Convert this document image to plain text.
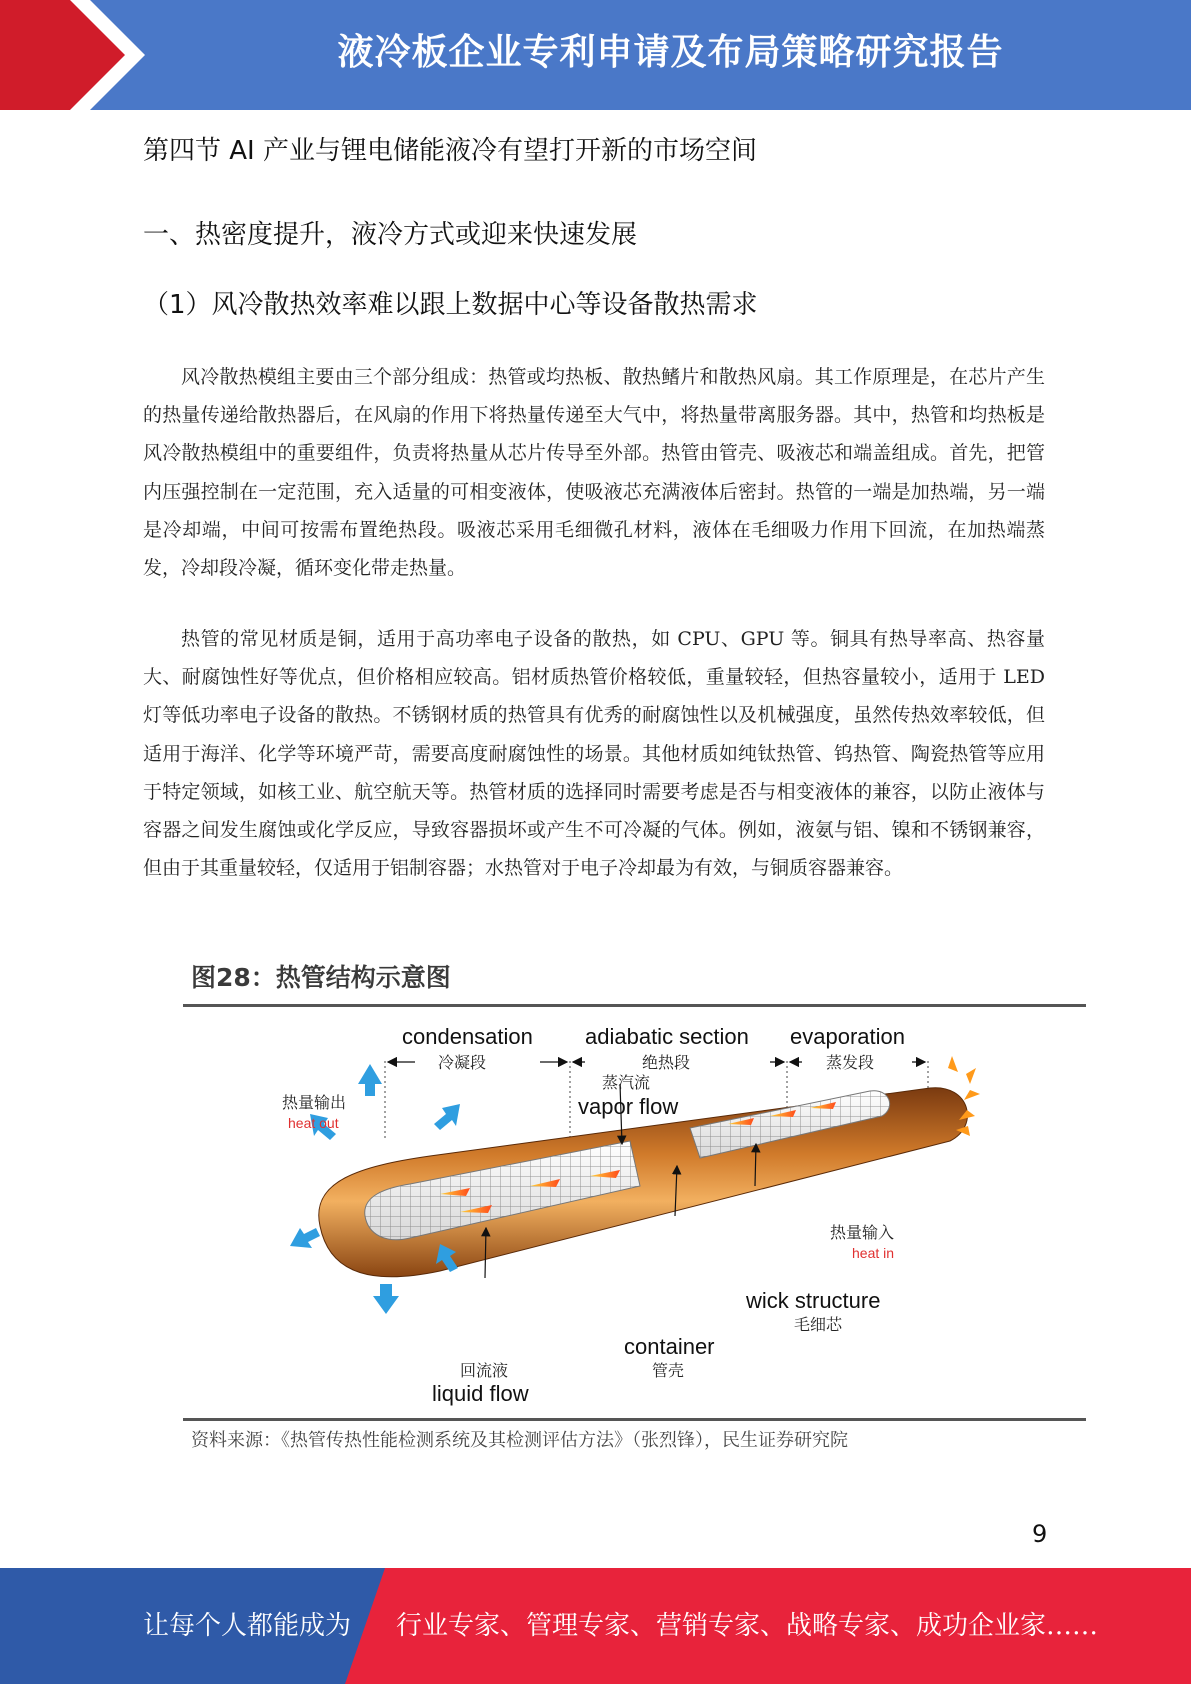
液冷板企业专利申请及布局策略研究报告
第四节 AI 产业与锂电储能液冷有望打开新的市场空间
一、热密度提升，液冷方式或迎来快速发展
（1）风冷散热效率难以跟上数据中心等设备散热需求

风冷散热模组主要由三个部分组成：热管或均热板、散热鳍片和散热风扇。其工作原理是，在芯片产生的热量传递给散热器后，在风扇的作用下将热量传递至大气中，将热量带离服务器。其中，热管和均热板是风冷散热模组中的重要组件，负责将热量从芯片传导至外部。热管由管壳、吸液芯和端盖组成。首先，把管内压强控制在一定范围，充入适量的可相变液体，使吸液芯充满液体后密封。热管的一端是加热端，另一端是冷却端，中间可按需布置绝热段。吸液芯采用毛细微孔材料，液体在毛细吸力作用下回流，在加热端蒸发，冷却段冷凝，循环变化带走热量。

热管的常见材质是铜，适用于高功率电子设备的散热，如 CPU、GPU 等。铜具有热导率高、热容量大、耐腐蚀性好等优点，但价格相应较高。铝材质热管价格较低，重量较轻，但热容量较小，适用于 LED 灯等低功率电子设备的散热。不锈钢材质的热管具有优秀的耐腐蚀性以及机械强度，虽然传热效率较低，但适用于海洋、化学等环境严苛，需要高度耐腐蚀性的场景。其他材质如纯钛热管、钨热管、陶瓷热管等应用于特定领域，如核工业、航空航天等。热管材质的选择同时需要考虑是否与相变液体的兼容，以防止液体与容器之间发生腐蚀或化学反应，导致容器损坏或产生不可冷凝的气体。例如，液氨与铝、镍和不锈钢兼容，但由于其重量较轻，仅适用于铝制容器；水热管对于电子冷却最为有效，与铜质容器兼容。

图28：热管结构示意图
condensation
冷凝段
adiabatic section
绝热段
evaporation
蒸发段
蒸汽流
vapor flow
热量输出
heat out
热量输入
heat in
wick structure
毛细芯
container
管壳
回流液
liquid flow
资料来源：《热管传热性能检测系统及其检测评估方法》（张烈锋），民生证券研究院
9
让每个人都能成为 行业专家、管理专家、营销专家、战略专家、成功企业家……
